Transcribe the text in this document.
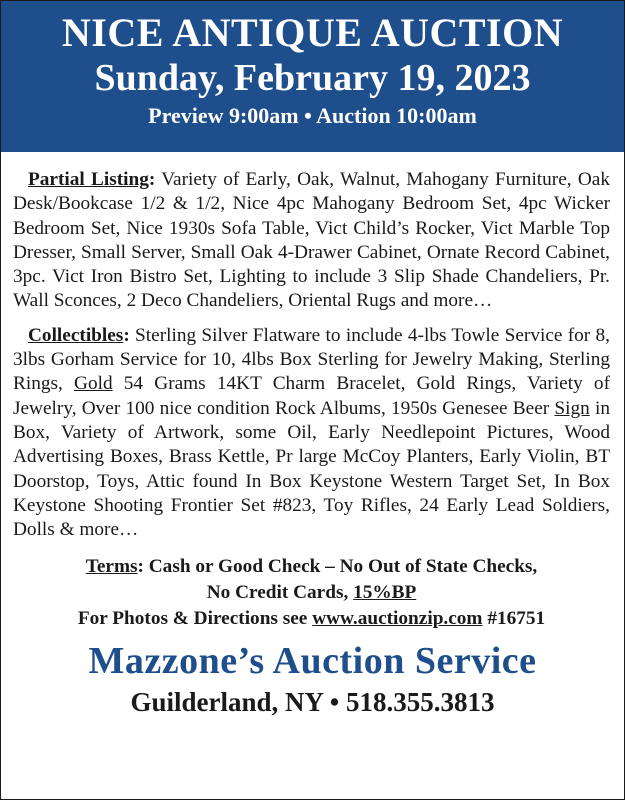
NICE ANTIQUE AUCTION
Sunday, February 19, 2023
Preview 9:00am • Auction 10:00am

Partial Listing: Variety of Early, Oak, Walnut, Mahogany Furniture, Oak Desk/Bookcase 1/2 & 1/2, Nice 4pc Mahogany Bedroom Set, 4pc Wicker Bedroom Set, Nice 1930s Sofa Table, Vict Child’s Rocker, Vict Marble Top Dresser, Small Server, Small Oak 4-Drawer Cabinet, Ornate Record Cabinet, 3pc. Vict Iron Bistro Set, Lighting to include 3 Slip Shade Chandeliers, Pr. Wall Sconces, 2 Deco Chandeliers, Oriental Rugs and more…

Collectibles: Sterling Silver Flatware to include 4-lbs Towle Service for 8, 3lbs Gorham Service for 10, 4lbs Box Sterling for Jewelry Making, Sterling Rings, Gold 54 Grams 14KT Charm Bracelet, Gold Rings, Variety of Jewelry, Over 100 nice condition Rock Albums, 1950s Genesee Beer Sign in Box, Variety of Artwork, some Oil, Early Needlepoint Pictures, Wood Advertising Boxes, Brass Kettle, Pr large McCoy Planters, Early Violin, BT Doorstop, Toys, Attic found In Box Keystone Western Target Set, In Box Keystone Shooting Frontier Set #823, Toy Rifles, 24 Early Lead Soldiers, Dolls & more…

Terms: Cash or Good Check – No Out of State Checks,
No Credit Cards, 15%BP
For Photos & Directions see www.auctionzip.com #16751
Mazzone’s Auction Service
Guilderland, NY • 518.355.3813
